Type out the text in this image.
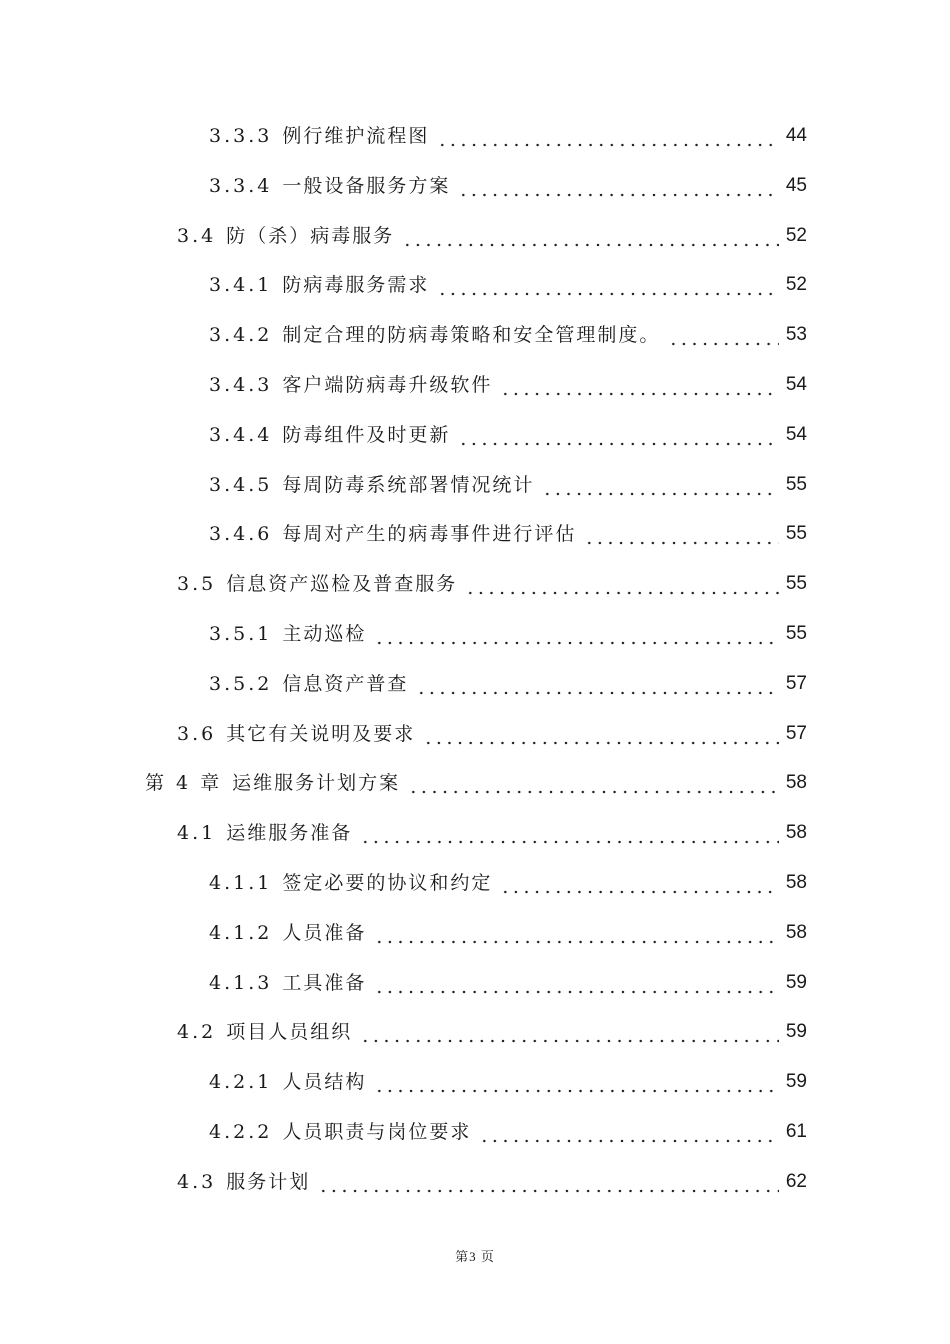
3.3.3 例行维护流程图	44
3.3.4 一般设备服务方案	45
3.4 防（杀）病毒服务	52
3.4.1 防病毒服务需求	52
3.4.2 制定合理的防病毒策略和安全管理制度。	53
3.4.3 客户端防病毒升级软件	54
3.4.4 防毒组件及时更新	54
3.4.5 每周防毒系统部署情况统计	55
3.4.6 每周对产生的病毒事件进行评估	55
3.5 信息资产巡检及普查服务	55
3.5.1 主动巡检	55
3.5.2 信息资产普查	57
3.6 其它有关说明及要求	57
第 4 章 运维服务计划方案	58
4.1 运维服务准备	58
4.1.1 签定必要的协议和约定	58
4.1.2 人员准备	58
4.1.3 工具准备	59
4.2 项目人员组织	59
4.2.1 人员结构	59
4.2.2 人员职责与岗位要求	61
4.3 服务计划	62
第3 页
